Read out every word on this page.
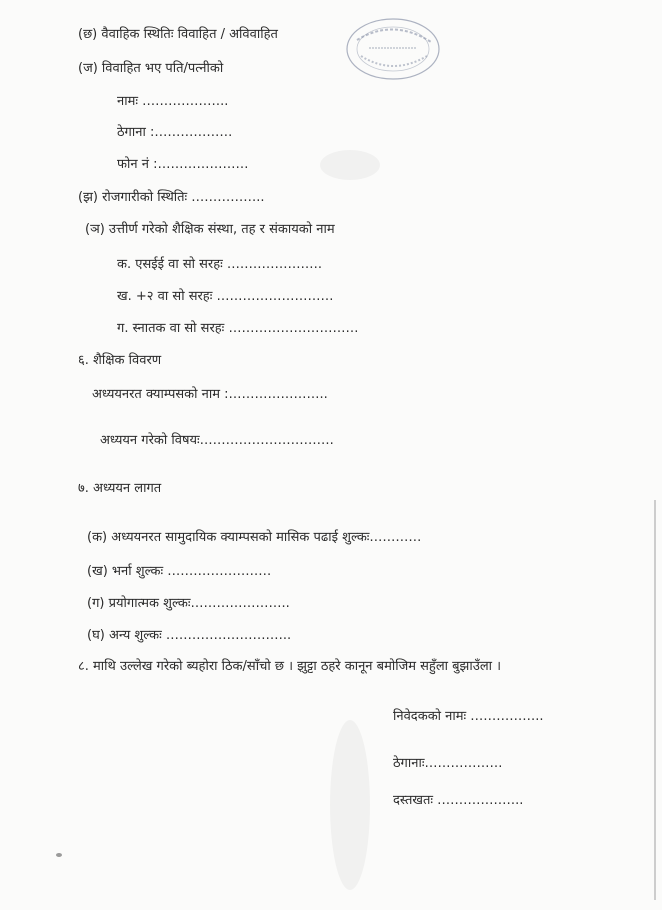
(छ) वैवाहिक स्थितिः विवाहित / अविवाहित
(ज) विवाहित भए पति/पत्नीको
नामः ………………..
ठेगाना :………………
फोन नं :…………………
(झ) रोजगारीको स्थितिः ……………..
(ञ) उत्तीर्ण गरेको शैक्षिक संस्था, तह र संकायको नाम
क. एसईई वा सो सरहः ………………….
ख. +२ वा सो सरहः ………………………
ग. स्नातक वा सो सरहः …………………………
६. शैक्षिक विवरण
अध्ययनरत क्याम्पसको नाम :…………………..
अध्ययन गरेको विषयः………………………….
७. अध्ययन लागत
(क) अध्ययनरत सामुदायिक क्याम्पसको मासिक पढाई शुल्कः…………
(ख) भर्ना शुल्कः ……………………
(ग) प्रयोगात्मक शुल्कः…………………..
(घ) अन्य शुल्कः ………………………..
८. माथि उल्लेख गरेको ब्यहोरा ठिक/साँचो छ । झुट्टा ठहरे कानून बमोजिम सहुँला बुझाउँला ।
निवेदकको नामः ……………..
ठेगानाः………………
दस्तखतः ………………..
